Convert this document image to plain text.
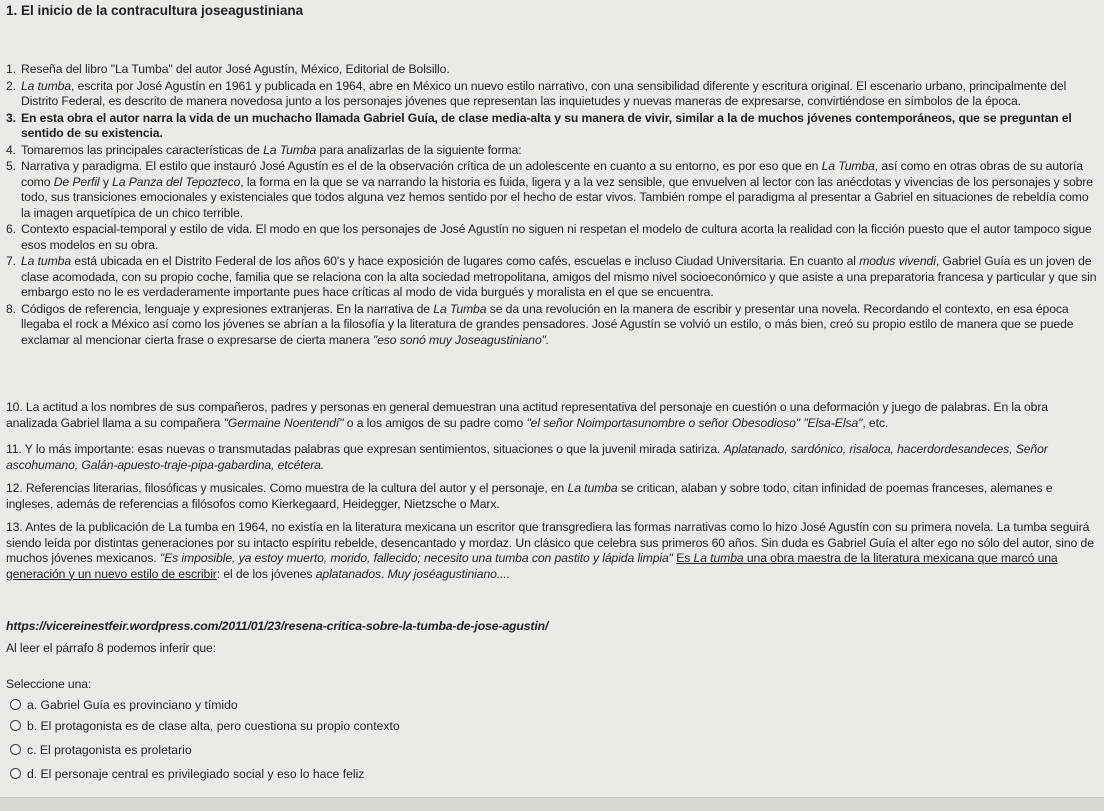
1. El inicio de la contracultura joseagustiniana
1. Reseña del libro "La Tumba" del autor José Agustín, México, Editorial de Bolsillo.
2. La tumba, escrita por José Agustín en 1961 y publicada en 1964, abre en México un nuevo estilo narrativo, con una sensibilidad diferente y escritura original. El escenario urbano, principalmente del Distrito Federal, es descrito de manera novedosa junto a los personajes jóvenes que representan las inquietudes y nuevas maneras de expresarse, convirtiéndose en símbolos de la época.
3. En esta obra el autor narra la vida de un muchacho llamada Gabriel Guía, de clase media-alta y su manera de vivir, similar a la de muchos jóvenes contemporáneos, que se preguntan el sentido de su existencia.
4. Tomaremos las principales características de La Tumba para analizarlas de la siguiente forma:
5. Narrativa y paradigma. El estilo que instauró José Agustín es el de la observación crítica de un adolescente en cuanto a su entorno, es por eso que en La Tumba, así como en otras obras de su autoría como De Perfil y La Panza del Tepozteco, la forma en la que se va narrando la historia es fuida, ligera y a la vez sensible, que envuelven al lector con las anécdotas y vivencias de los personajes y sobre todo, sus transiciones emocionales y existenciales que todos alguna vez hemos sentido por el hecho de estar vivos. También rompe el paradigma al presentar a Gabriel en situaciones de rebeldía como la imagen arquetípica de un chico terrible.
6. Contexto espacial-temporal y estilo de vida. El modo en que los personajes de José Agustín no siguen ni respetan el modelo de cultura acorta la realidad con la ficción puesto que el autor tampoco sigue esos modelos en su obra.
7. La tumba está ubicada en el Distrito Federal de los años 60's y hace exposición de lugares como cafés, escuelas e incluso Ciudad Universitaria. En cuanto al modus vivendi, Gabriel Guía es un joven de clase acomodada, con su propio coche, familia que se relaciona con la alta sociedad metropolitana, amigos del mismo nivel socioeconómico y que asiste a una preparatoria francesa y particular y que sin embargo esto no le es verdaderamente importante pues hace críticas al modo de vida burgués y moralista en el que se encuentra.
8. Códigos de referencia, lenguaje y expresiones extranjeras. En la narrativa de La Tumba se da una revolución en la manera de escribir y presentar una novela. Recordando el contexto, en esa época llegaba el rock a México así como los jóvenes se abrían a la filosofía y la literatura de grandes pensadores. José Agustín se volvió un estilo, o más bien, creó su propio estilo de manera que se puede exclamar al mencionar cierta frase o expresarse de cierta manera "eso sonó muy Joseagustiniano".
10. La actitud a los nombres de sus compañeros, padres y personas en general demuestran una actitud representativa del personaje en cuestión o una deformación y juego de palabras. En la obra analizada Gabriel llama a su compañera "Germaine Noentendí" o a los amigos de su padre como "el señor Noimportasunombre o señor Obesodioso" "Elsa-Elsa", etc.
11. Y lo más importante: esas nuevas o transmutadas palabras que expresan sentimientos, situaciones o que la juvenil mirada satiriza. Aplatanado, sardónico, risaloca, hacerdordesandeces, Señor ascohumano, Galán-apuesto-traje-pipa-gabardina, etcétera.
12. Referencias literarias, filosóficas y musicales. Como muestra de la cultura del autor y el personaje, en La tumba se critican, alaban y sobre todo, citan infinidad de poemas franceses, alemanes e ingleses, además de referencias a filósofos como Kierkegaard, Heidegger, Nietzsche o Marx.
13. Antes de la publicación de La tumba en 1964, no existía en la literatura mexicana un escritor que transgrediera las formas narrativas como lo hizo José Agustín con su primera novela. La tumba seguirá siendo leída por distintas generaciones por su intacto espíritu rebelde, desencantado y mordaz. Un clásico que celebra sus primeros 60 años. Sin duda es Gabriel Guía el alter ego no sólo del autor, sino de muchos jóvenes mexicanos. "Es imposible, ya estoy muerto, morido, fallecido; necesito una tumba con pastito y lápida limpia" Es La tumba una obra maestra de la literatura mexicana que marcó una generación y un nuevo estilo de escribir: el de los jóvenes aplatanados. Muy joséagustiniano....
https://vicereinestfeir.wordpress.com/2011/01/23/resena-critica-sobre-la-tumba-de-jose-agustin/
Al leer el párrafo 8 podemos inferir que:
Seleccione una:
a. Gabriel Guía es provinciano y tímido
b. El protagonista es de clase alta, pero cuestiona su propio contexto
c. El protagonista es proletario
d. El personaje central es privilegiado social y eso lo hace feliz
